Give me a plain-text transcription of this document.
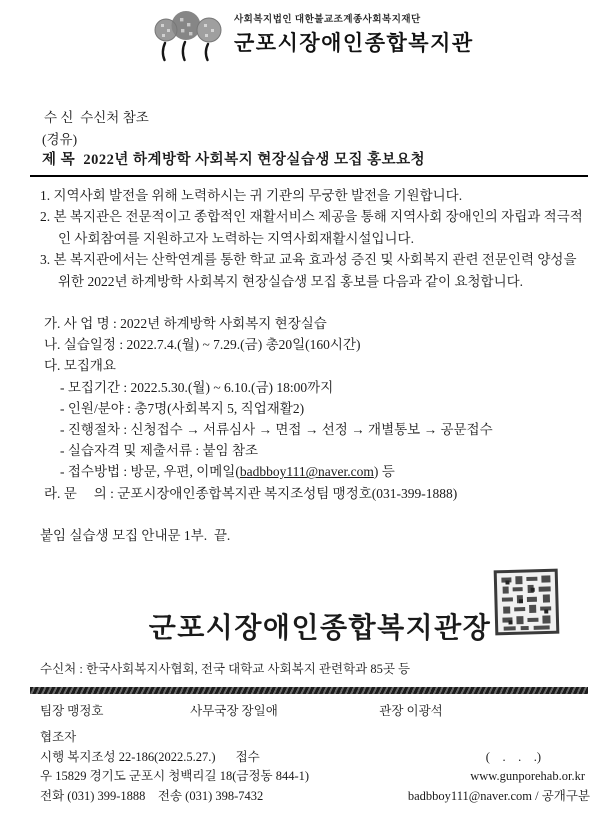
사회복지법인 대한불교조계종사회복지재단
군포시장애인종합복지관
수 신  수신처 참조
(경유)
제 목  2022년 하계방학 사회복지 현장실습생 모집 홍보요청

1. 지역사회 발전을 위해 노력하시는 귀 기관의 무궁한 발전을 기원합니다.

2. 본 복지관은 전문적이고 종합적인 재활서비스 제공을 통해 지역사회 장애인의 자립과 적극적인 사회참여를 지원하고자 노력하는 지역사회재활시설입니다.

3. 본 복지관에서는 산학연계를 통한 학교 교육 효과성 증진 및 사회복지 관련 전문인력 양성을 위한 2022년 하계방학 사회복지 현장실습생 모집 홍보를 다음과 같이 요청합니다.

가. 사 업 명 : 2022년 하계방학 사회복지 현장실습
나. 실습일정 : 2022.7.4.(월) ~ 7.29.(금) 총20일(160시간)
다. 모집개요
- 모집기간 : 2022.5.30.(월) ~ 6.10.(금) 18:00까지
- 인원/분야 : 총7명(사회복지 5, 직업재활2)
- 진행절차 : 신청접수 → 서류심사 → 면접 → 선정 → 개별통보 → 공문접수
- 실습자격 및 제출서류 : 붙임 참조
- 접수방법 : 방문, 우편, 이메일(badbboy111@naver.com) 등
라. 문     의 : 군포시장애인종합복지관 복지조성팀 맹정호(031-399-1888)

붙임 실습생 모집 안내문 1부.  끝.

군포시장애인종합복지관장
수신처 : 한국사회복지사협회, 전국 대학교 사회복지 관련학과 85곳 등
팀장 맹정호	사무국장 장일애	관장 이광석
협조자
시행 복지조성 22-186(2022.5.27.) 접수	(    .    .    .)
우 15829 경기도 군포시 청백리길 18(금정동 844-1)	www.gunporehab.or.kr
전화 (031) 399-1888    전송 (031) 398-7432	badbboy111@naver.com / 공개구분
